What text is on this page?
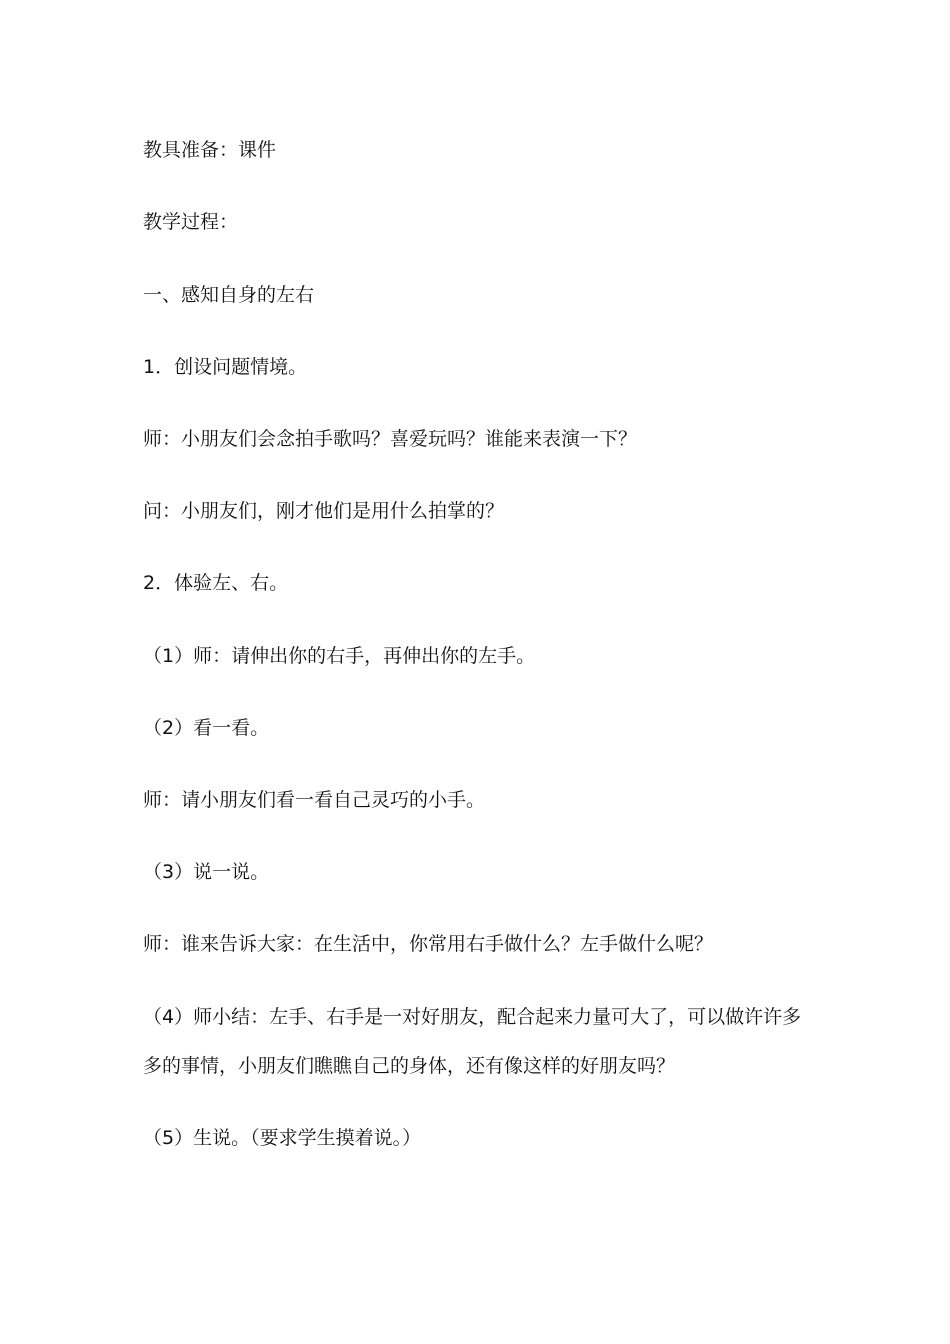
教具准备：课件
教学过程：
一、感知自身的左右
1．创设问题情境。
师：小朋友们会念拍手歌吗？喜爱玩吗？谁能来表演一下？
问：小朋友们，刚才他们是用什么拍掌的？
2．体验左、右。
（1）师：请伸出你的右手，再伸出你的左手。
（2）看一看。
师：请小朋友们看一看自己灵巧的小手。
（3）说一说。
师：谁来告诉大家：在生活中，你常用右手做什么？左手做什么呢？
（4）师小结：左手、右手是一对好朋友，配合起来力量可大了，可以做许许多
多的事情，小朋友们瞧瞧自己的身体，还有像这样的好朋友吗？
（5）生说。（要求学生摸着说。）
